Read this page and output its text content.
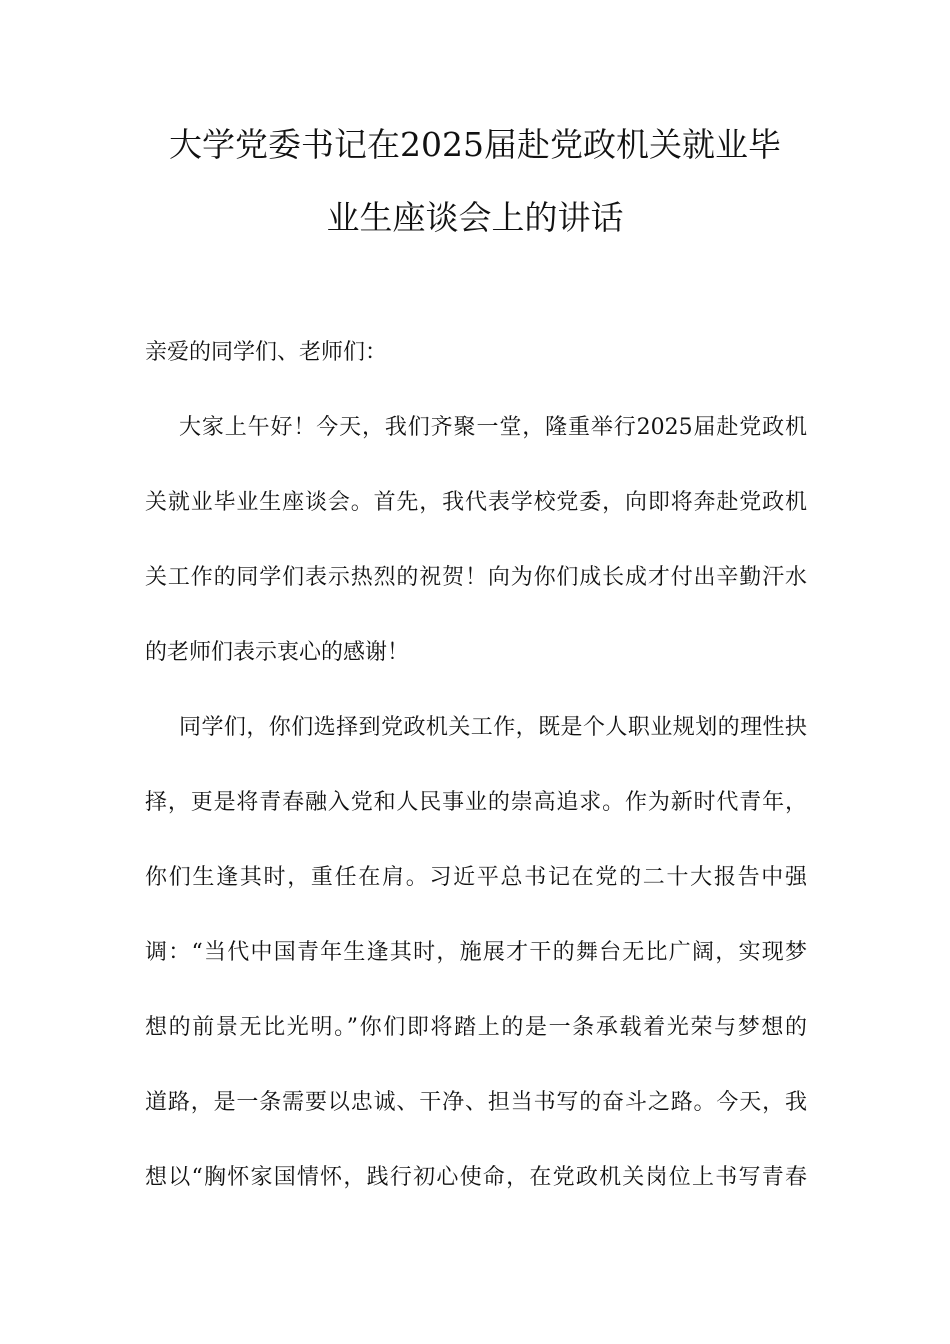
大学党委书记在2025届赴党政机关就业毕
业生座谈会上的讲话
亲爱的同学们、老师们：
大家上午好！今天，我们齐聚一堂，隆重举行2025届赴党政机
关就业毕业生座谈会。首先，我代表学校党委，向即将奔赴党政机
关工作的同学们表示热烈的祝贺！向为你们成长成才付出辛勤汗水
的老师们表示衷心的感谢！
同学们，你们选择到党政机关工作，既是个人职业规划的理性抉
择，更是将青春融入党和人民事业的崇高追求。作为新时代青年，
你们生逢其时，重任在肩。习近平总书记在党的二十大报告中强
调：“当代中国青年生逢其时，施展才干的舞台无比广阔，实现梦
想的前景无比光明。”你们即将踏上的是一条承载着光荣与梦想的
道路，是一条需要以忠诚、干净、担当书写的奋斗之路。今天，我
想以“胸怀家国情怀，践行初心使命，在党政机关岗位上书写青春
